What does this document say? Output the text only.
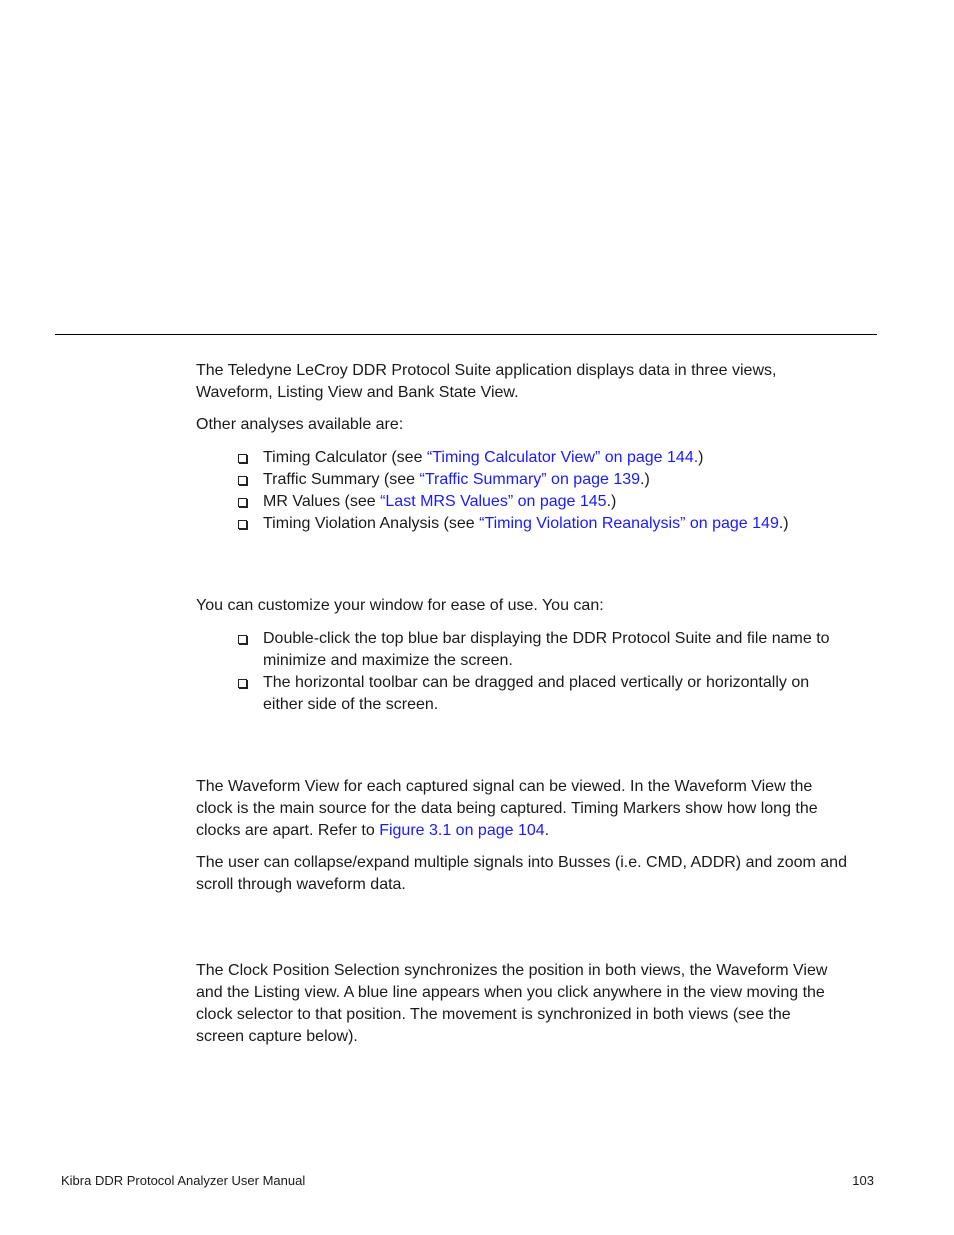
The Teledyne LeCroy DDR Protocol Suite application displays data in three views,
Waveform, Listing View and Bank State View.

Other analyses available are:

Timing Calculator (see “Timing Calculator View” on page 144.)
Traffic Summary (see “Traffic Summary” on page 139.)
MR Values (see “Last MRS Values” on page 145.)
Timing Violation Analysis (see “Timing Violation Reanalysis” on page 149.)

You can customize your window for ease of use. You can:

Double-click the top blue bar displaying the DDR Protocol Suite and file name to
minimize and maximize the screen.
The horizontal toolbar can be dragged and placed vertically or horizontally on
either side of the screen.

The Waveform View for each captured signal can be viewed. In the Waveform View the
clock is the main source for the data being captured. Timing Markers show how long the
clocks are apart. Refer to Figure 3.1 on page 104.

The user can collapse/expand multiple signals into Busses (i.e. CMD, ADDR) and zoom and
scroll through waveform data.

The Clock Position Selection synchronizes the position in both views, the Waveform View
and the Listing view. A blue line appears when you click anywhere in the view moving the
clock selector to that position. The movement is synchronized in both views (see the
screen capture below).

Kibra DDR Protocol Analyzer User Manual	103
